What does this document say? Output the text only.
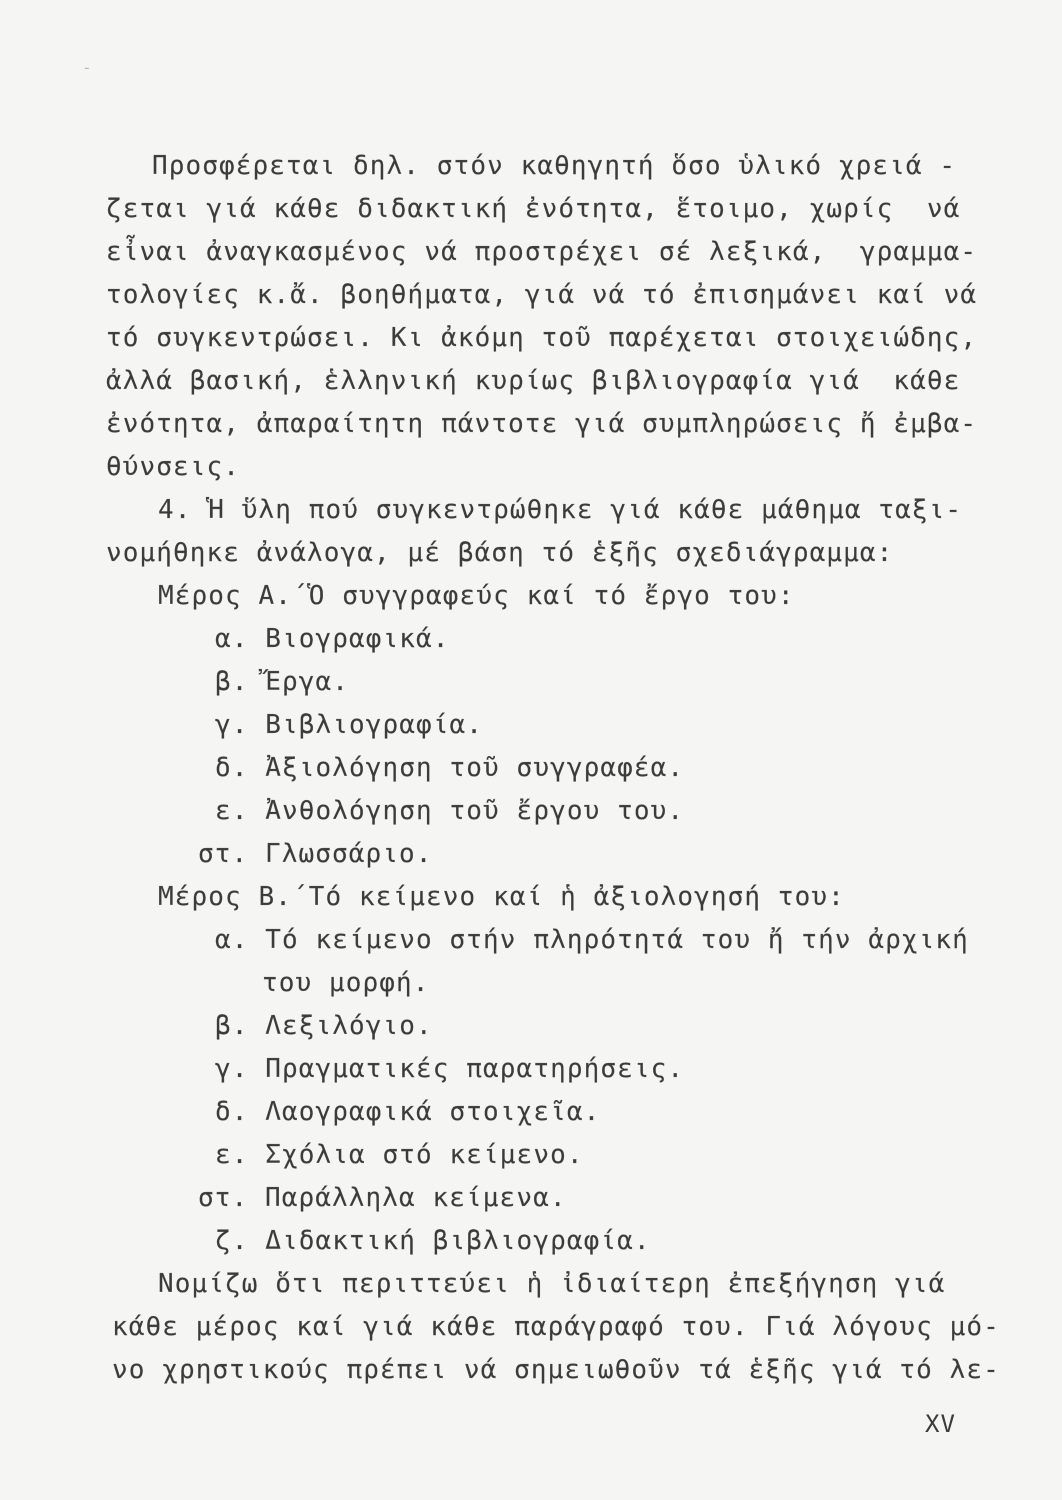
-
Προσφέρεται δηλ. στόν καθηγητή ὅσο ὑλικό χρειά -
ζεται γιά κάθε διδακτική ἐνότητα, ἕτοιμο, χωρίς  νά
εἶναι ἀναγκασμένος νά προστρέχει σέ λεξικά,  γραμμα-
τολογίες κ.ἄ. βοηθήματα, γιά νά τό ἐπισημάνει καί νά
τό συγκεντρώσει. Κι ἀκόμη τοῦ παρέχεται στοιχειώδης,
ἀλλά βασική, ἑλληνική κυρίως βιβλιογραφία γιά  κάθε
ἐνότητα, ἀπαραίτητη πάντοτε γιά συμπληρώσεις ἤ ἐμβα-
θύνσεις.
4. Ἡ ὕλη πού συγκεντρώθηκε γιά κάθε μάθημα ταξι-
νομήθηκε ἀνάλογα, μέ βάση τό ἑξῆς σχεδιάγραμμα:
Μέρος Α.΄Ὁ συγγραφεύς καί τό ἔργο του:
α. Βιογραφικά.
β. Ἔργα.
γ. Βιβλιογραφία.
δ. Ἀξιολόγηση τοῦ συγγραφέα.
ε. Ἀνθολόγηση τοῦ ἔργου του.
στ. Γλωσσάριο.
Μέρος Β.΄Τό κείμενο καί ἡ ἀξιολογησή του:
α. Τό κείμενο στήν πληρότητά του ἤ τήν ἀρχική
του μορφή.
β. Λεξιλόγιο.
γ. Πραγματικές παρατηρήσεις.
δ. Λαογραφικά στοιχεῖα.
ε. Σχόλια στό κείμενο.
στ. Παράλληλα κείμενα.
ζ. Διδακτική βιβλιογραφία.
Νομίζω ὅτι περιττεύει ἡ ἰδιαίτερη ἐπεξήγηση γιά
κάθε μέρος καί γιά κάθε παράγραφό του. Γιά λόγους μό-
νο χρηστικούς πρέπει νά σημειωθοῦν τά ἑξῆς γιά τό λε-
XV
